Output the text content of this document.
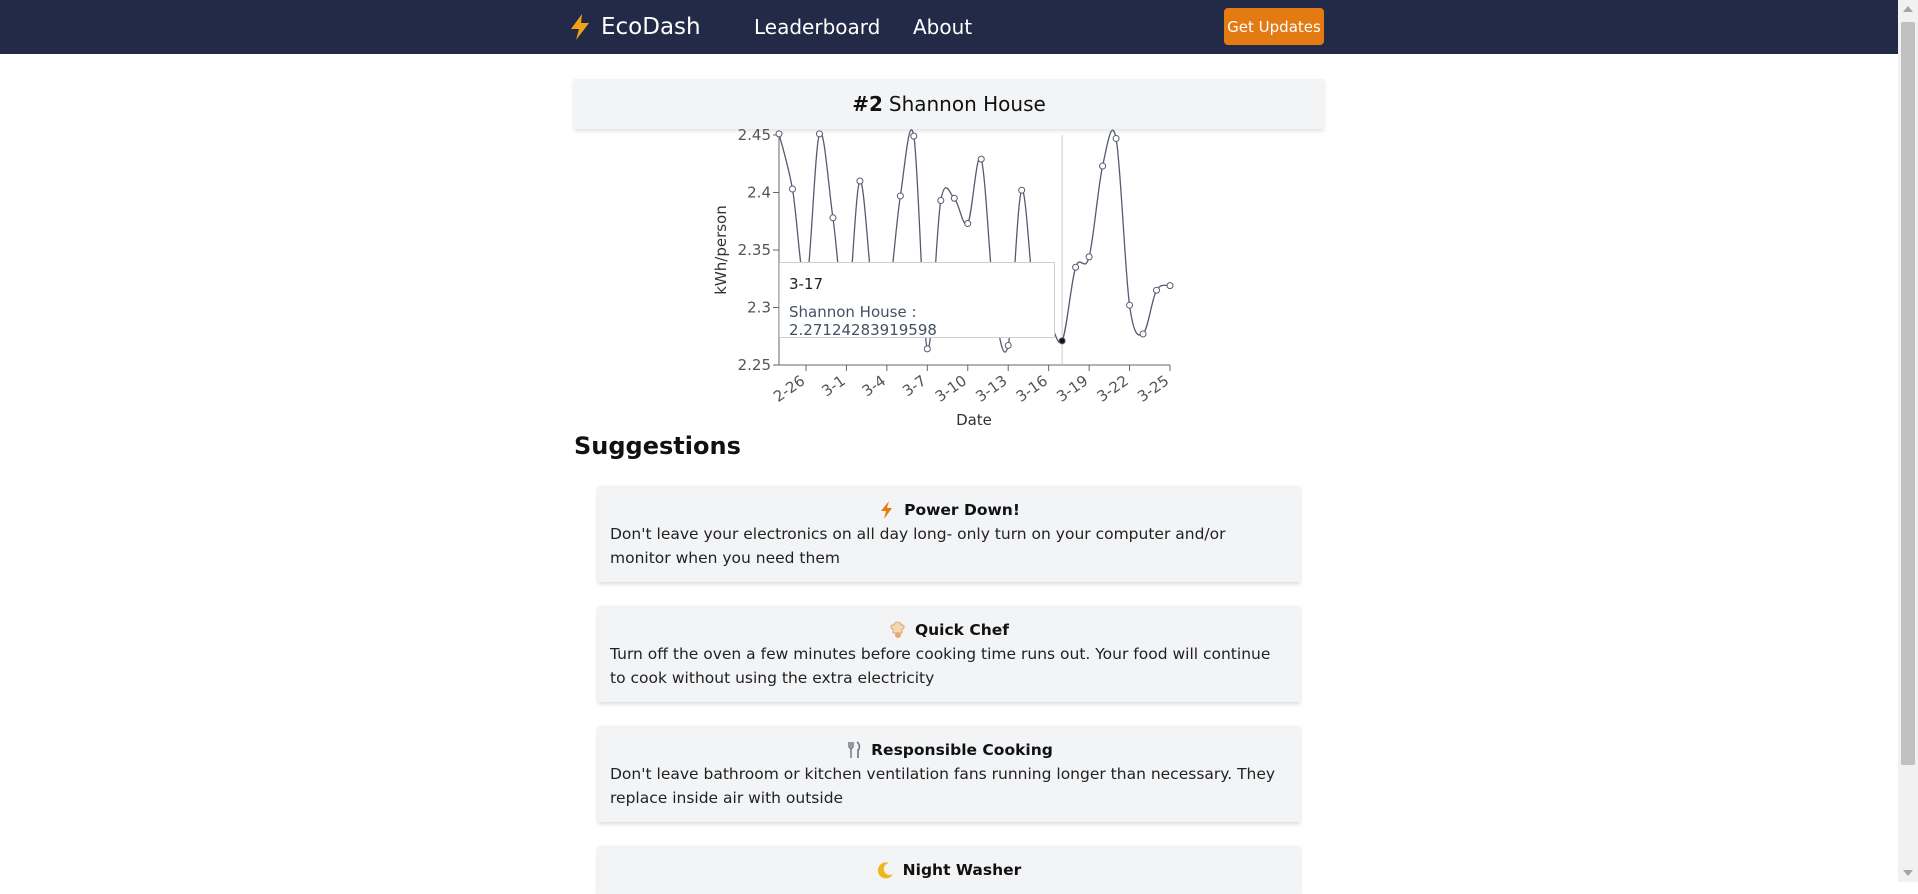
EcoDash	Leaderboard About	Get Updates
#2 Shannon House
2.45
2.4
2.35
2.3
2.25
2-26 3-1 3-4 3-7 3-10 3-13 3-16 3-19 3-22 3-25
Date
kWh/person	3-17
Shannon House : 2.27124283919598
Suggestions
Power Down!
Don't leave your electronics on all day long- only turn on your computer and/or monitor when you need them
Quick Chef
Turn off the oven a few minutes before cooking time runs out. Your food will continue to cook without using the extra electricity
Responsible Cooking
Don't leave bathroom or kitchen ventilation fans running longer than necessary. They replace inside air with outside
Night Washer
